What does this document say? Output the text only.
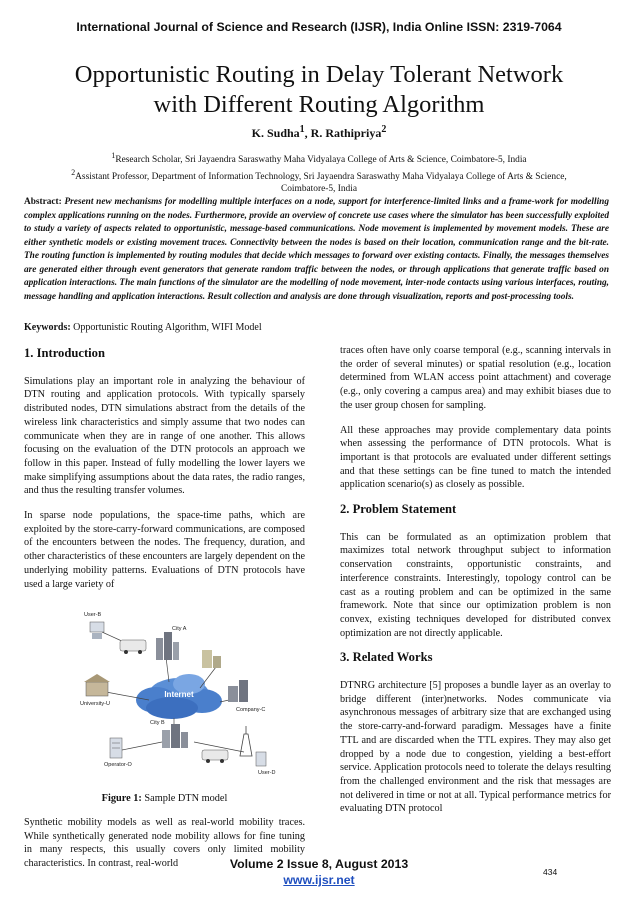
International Journal of Science and Research (IJSR), India Online ISSN: 2319-7064
Opportunistic Routing in Delay Tolerant Network
with Different Routing Algorithm
K. Sudha$^1$, R. Rathipriya$^2$
$^1$Research Scholar, Sri Jayaendra Saraswathy Maha Vidyalaya College of Arts & Science, Coimbatore-5, India
$^2$Assistant Professor, Department of Information Technology, Sri Jayaendra Saraswathy Maha Vidyalaya College of Arts & Science, Coimbatore-5, India
Abstract: Present new mechanisms for modelling multiple interfaces on a node, support for interference-limited links and a frame-work for modelling complex applications running on the nodes. Furthermore, provide an overview of concrete use cases where the simulator has been successfully exploited to study a variety of aspects related to opportunistic, message-based communications. Node movement is implemented by movement models. These are either synthetic models or existing movement traces. Connectivity between the nodes is based on their location, communication range and the bit-rate. The routing function is implemented by routing modules that decide which messages to forward over existing contacts. Finally, the messages themselves are generated either through event generators that generate random traffic between the nodes, or through applications that generate traffic based on application interactions. The main functions of the simulator are the modelling of node movement, inter-node contacts using various interfaces, routing, message handling and application interactions. Result collection and analysis are done through visualization, reports and post-processing tools.
Keywords: Opportunistic Routing Algorithm, WIFI Model
1. Introduction

Simulations play an important role in analyzing the behaviour of DTN routing and application protocols. With typically sparsely distributed nodes, DTN simulations abstract from the details of the wireless link characteristics and simply assume that two nodes can communicate when they are in range of one another. This allows focusing on the evaluation of the DTN protocols an approach we follow in this paper. Instead of fully modelling the lower layers we make simplifying assumptions about the data rates, the radio ranges, and thus the resulting transfer volumes.

In sparse node populations, the space-time paths, which are exploited by the store-carry-forward communications, are composed of the encounters between the nodes. The frequency, duration, and other characteristics of these encounters are largely dependent on the underlying mobility patterns. Evaluations of DTN protocols have used a large variety of

Internet
City A
User-B
University-U
Company-C
City B
Operator-O
User-D
Figure 1: Sample DTN model

Synthetic mobility models as well as real-world mobility traces. While synthetically generated node mobility allows for fine tuning in many respects, this usually covers only limited mobility characteristics. In contrast, real-world

traces often have only coarse temporal (e.g., scanning intervals in the order of several minutes) or spatial resolution (e.g., location determined from WLAN access point attachment) and coverage (e.g., only covering a campus area) and may exhibit biases due to the user group chosen for sampling.

All these approaches may provide complementary data points when assessing the performance of DTN protocols. What is important is that protocols are evaluated under different settings and that these settings can be fine tuned to match the intended application scenario(s) as closely as possible.

2. Problem Statement

This can be formulated as an optimization problem that maximizes total network throughput subject to information conservation constraints, opportunistic constraints, and interference constraints. Interestingly, topology control can be cast as a routing problem and can be optimized in the same framework. Note that since our optimization problem is non convex, existing techniques developed for distributed convex optimization are not directly applicable.

3. Related Works

DTNRG architecture [5] proposes a bundle layer as an overlay to bridge different (inter)networks. Nodes communicate via asynchronous messages of arbitrary size that are exchanged using the store-carry-and-forward paradigm. Messages have a finite TTL and are discarded when the TTL expires. They may also get dropped by a node due to congestion, yielding a best-effort service. Application protocols need to tolerate the delays resulting from the challenged environment and the risk that messages are not delivered in time or not at all. Typical performance metrics for evaluating DTN protocol

Volume 2 Issue 8, August 2013
www.ijsr.net
434
